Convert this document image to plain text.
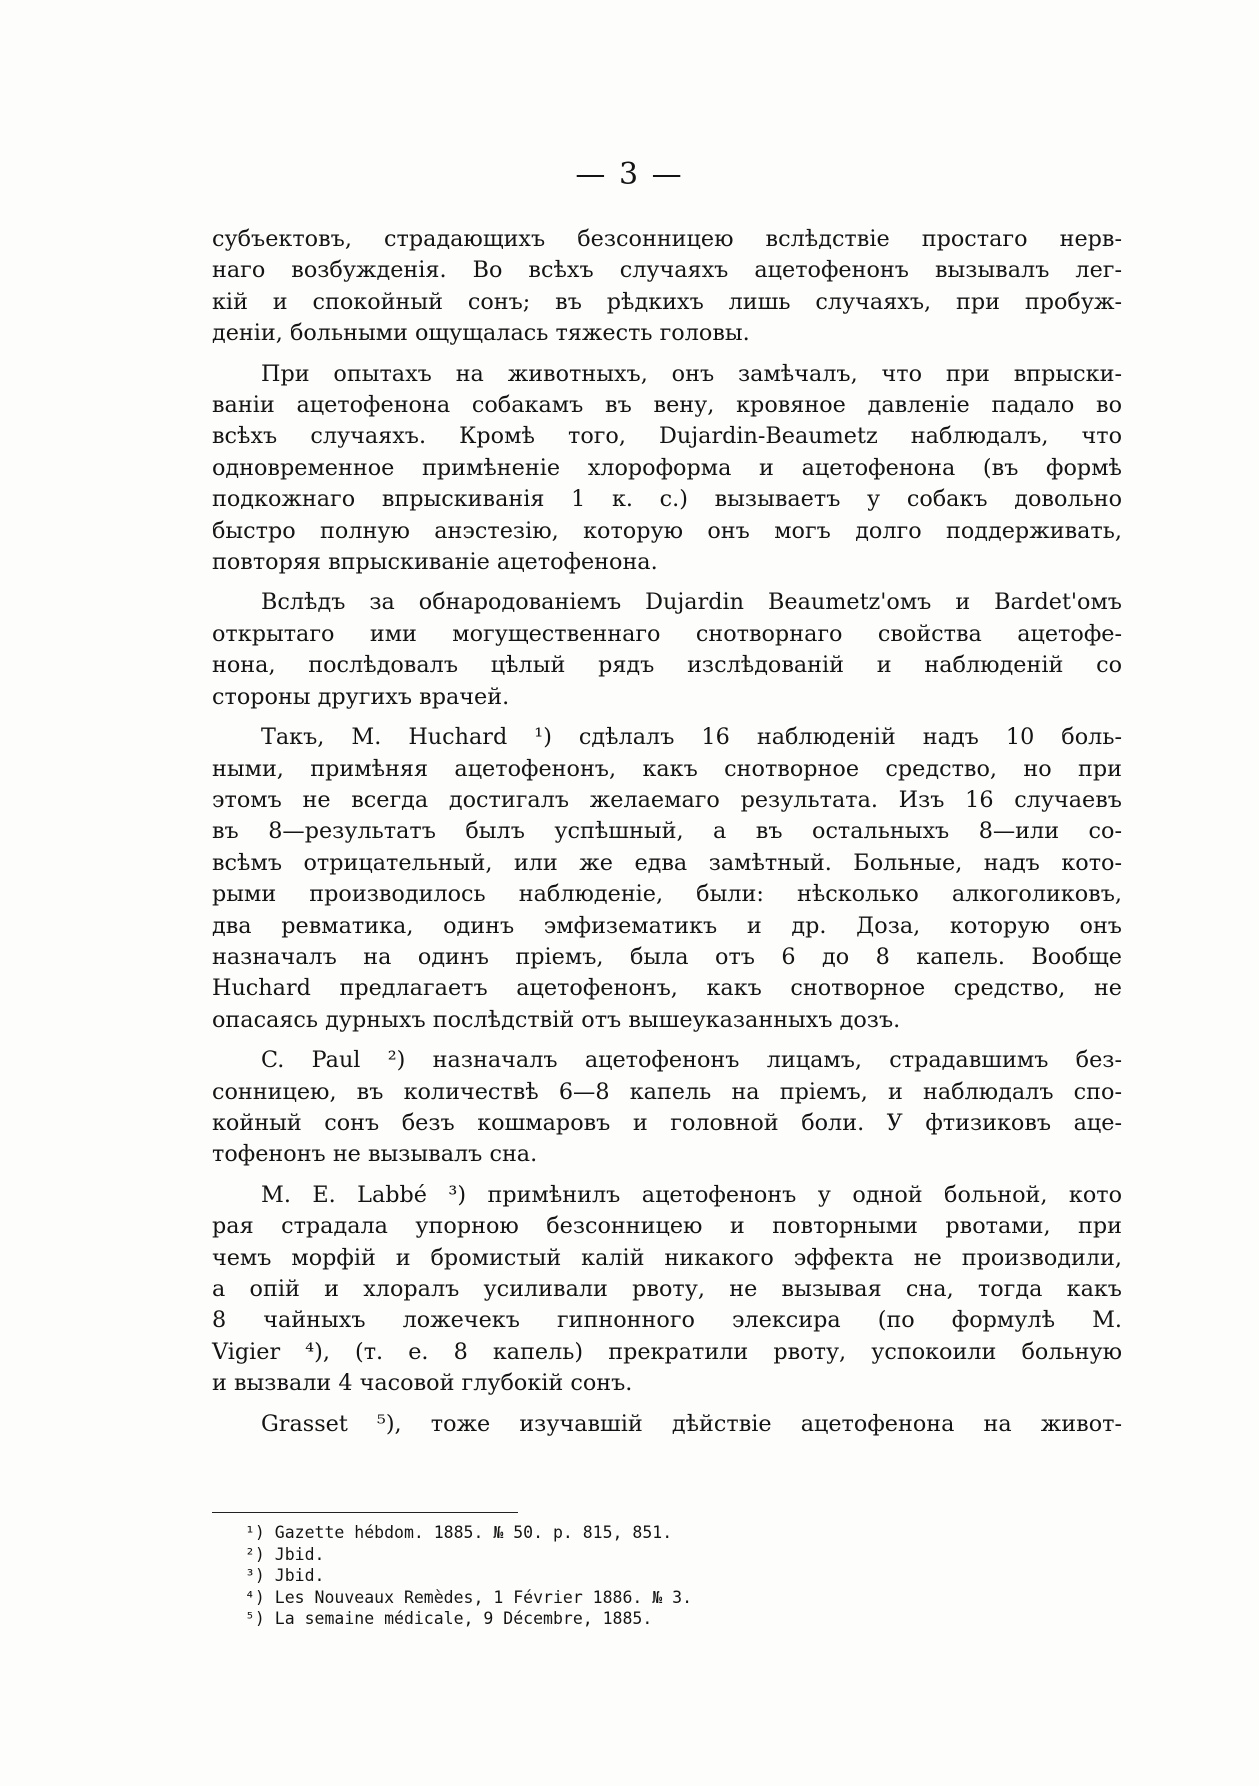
— 3 —
субъектовъ, страдающихъ безсонницею вслѣдствіе простаго нерв-
наго возбужденія. Во всѣхъ случаяхъ ацетофенонъ вызывалъ лег-
кій и спокойный сонъ; въ рѣдкихъ лишь случаяхъ, при пробуж-
деніи, больными ощущалась тяжесть головы.
При опытахъ на животныхъ, онъ замѣчалъ, что при впрыски-
ваніи ацетофенона собакамъ въ вену, кровяное давленіе падало во
всѣхъ случаяхъ. Кромѣ того, Dujardin-Beaumetz наблюдалъ, что
одновременное примѣненіе хлороформа и ацетофенона (въ формѣ
подкожнаго впрыскиванія 1 к. с.) вызываетъ у собакъ довольно
быстро полную анэстезію, которую онъ могъ долго поддерживать,
повторяя впрыскиваніе ацетофенона.
Вслѣдъ за обнародованіемъ Dujardin Beaumetz'омъ и Bardet'омъ
открытаго ими могущественнаго снотворнаго свойства ацетофе-
нона, послѣдовалъ цѣлый рядъ изслѣдованій и наблюденій со
стороны другихъ врачей.
Такъ, M. Huchard ¹) сдѣлалъ 16 наблюденій надъ 10 боль-
ными, примѣняя ацетофенонъ, какъ снотворное средство, но при
этомъ не всегда достигалъ желаемаго результата. Изъ 16 случаевъ
въ 8—результатъ былъ успѣшный, а въ остальныхъ 8—или со-
всѣмъ отрицательный, или же едва замѣтный. Больные, надъ кото-
рыми производилось наблюденіе, были: нѣсколько алкоголиковъ,
два ревматика, одинъ эмфизематикъ и др. Доза, которую онъ
назначалъ на одинъ пріемъ, была отъ 6 до 8 капель. Вообще
Huchard предлагаетъ ацетофенонъ, какъ снотворное средство, не
опасаясь дурныхъ послѣдствій отъ вышеуказанныхъ дозъ.
C. Paul ²) назначалъ ацетофенонъ лицамъ, страдавшимъ без-
сонницею, въ количествѣ 6—8 капель на пріемъ, и наблюдалъ спо-
койный сонъ безъ кошмаровъ и головной боли. У фтизиковъ аце-
тофенонъ не вызывалъ сна.
M. E. Labbé ³) примѣнилъ ацетофенонъ у одной больной, кото
рая страдала упорною безсонницею и повторными рвотами, при
чемъ морфій и бромистый калій никакого эффекта не производили,
а опій и хлоралъ усиливали рвоту, не вызывая сна, тогда какъ
8 чайныхъ ложечекъ гипнонного элексира (по формулѣ M.
Vigier ⁴), (т. е. 8 капель) прекратили рвоту, успокоили больную
и вызвали 4 часовой глубокій сонъ.
Grasset ⁵), тоже изучавшій дѣйствіе ацетофенона на живот-
¹) Gazette hébdom. 1885. № 50. p. 815, 851.
²) Jbid.
³) Jbid.
⁴) Les Nouveaux Remèdes, 1 Février 1886. № 3.
⁵) La semaine médicale, 9 Décembre, 1885.
